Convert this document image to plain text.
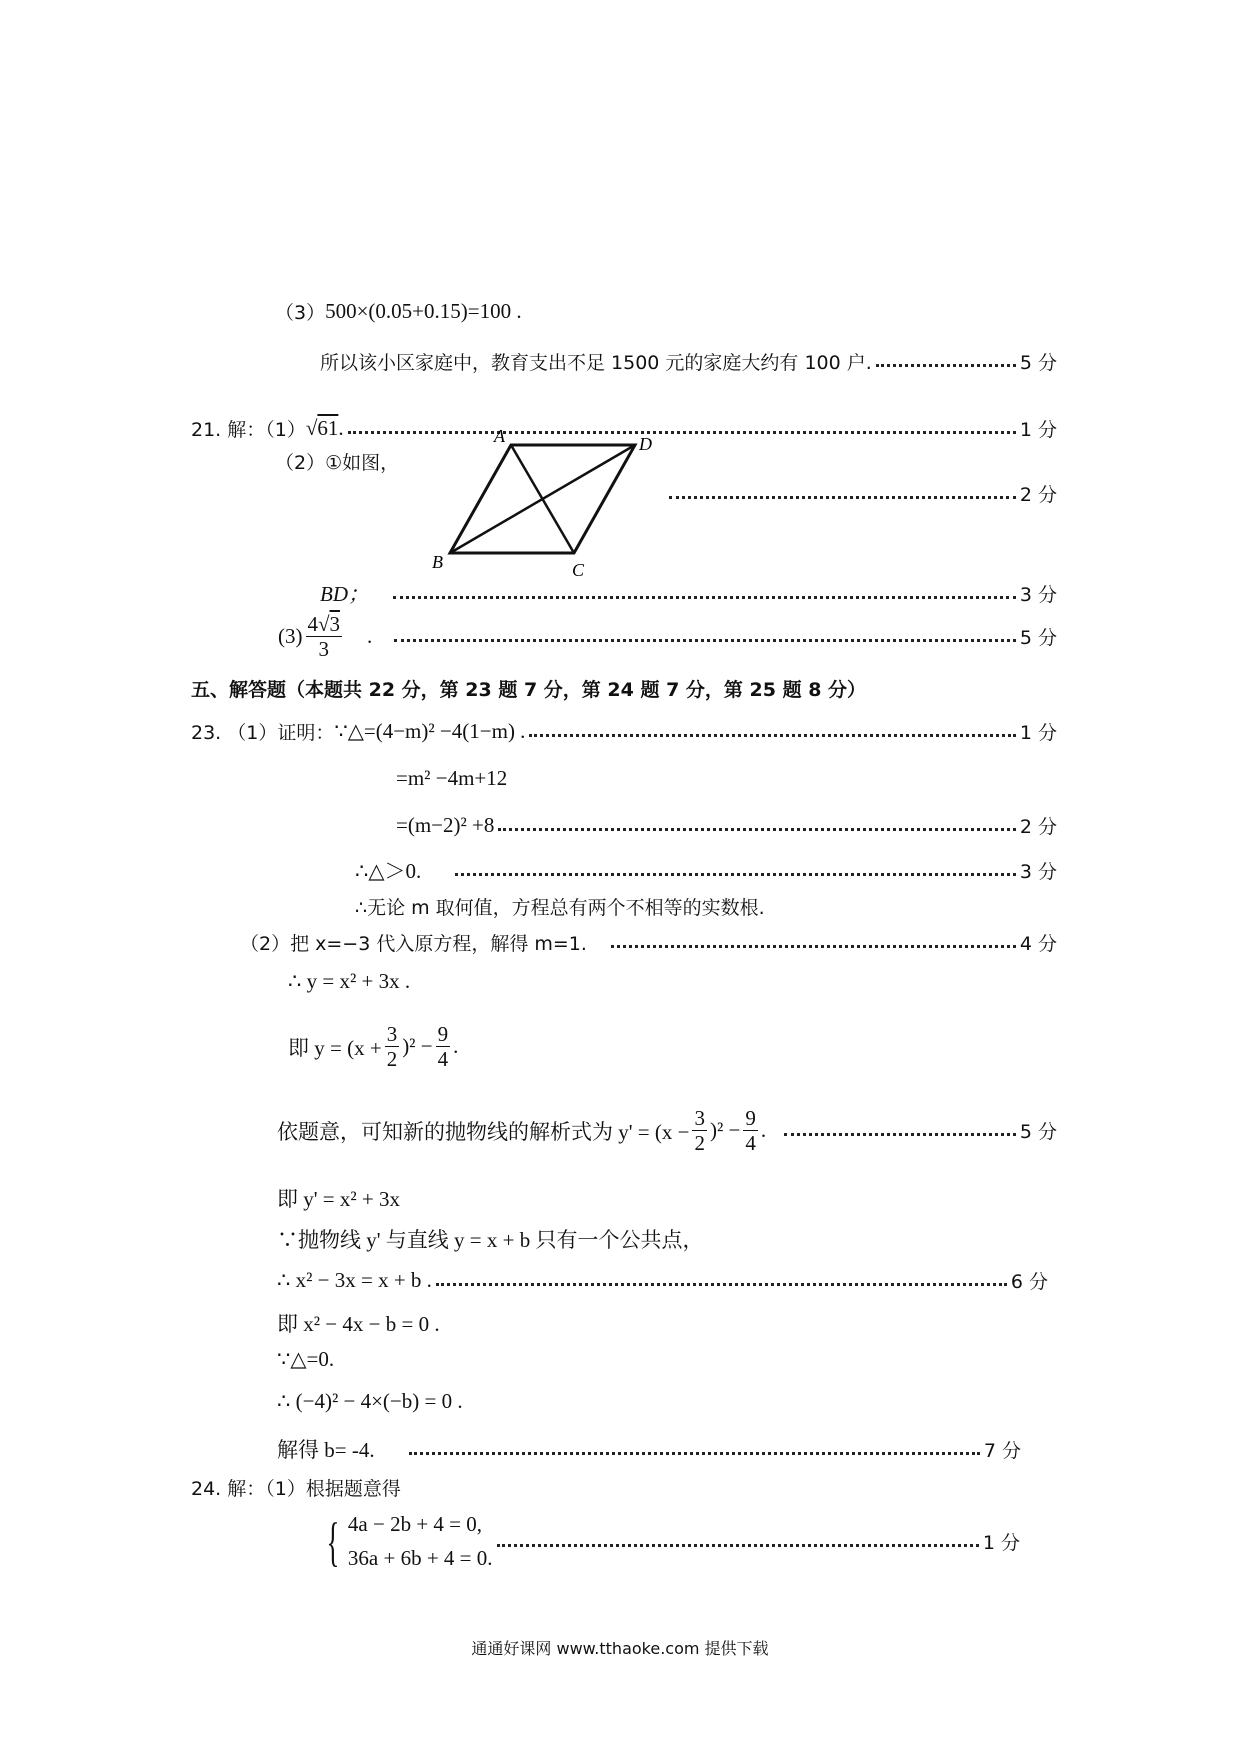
（3） 500×(0.05+0.15)=100 .
所以该小区家庭中，教育支出不足 1500 元的家庭大约有 100 户.	5 分
21. 解：（1） √61.	1 分
（2）①如图，
A	D
B	C
2 分
BD；	3 分
$(3) \frac{4√3}{3}$ .	5 分
五、解答题（本题共 22 分，第 23 题 7 分，第 24 题 7 分，第 25 题 8 分）
23. （1）证明： ∵△=(4−m)² −4(1−m) .	1 分
=m² −4m+12
=(m−2)² +8	2 分
∴△＞0.	3 分
∴无论 m 取何值，方程总有两个不相等的实数根.
（2）把 x=−3 代入原方程，解得 m=1.	4 分
∴ y = x² + 3x .
即 $y = (x + \frac{3}{2} )^2 - \frac{9}{4}$ .
依题意，可知新的抛物线的解析式为 $y' = (x - \frac{3}{2} )^2 - \frac{9}{4}$ .	5 分
即 y' = x² + 3x
∵抛物线 y' 与直线 y = x + b 只有一个公共点，
∴ x² − 3x = x + b .	6 分
即 x² − 4x − b = 0 .
∵△=0.
∴ (−4)² − 4×(−b) = 0 .
解得 b= -4.	7 分
24. 解：（1）根据题意得
{ 4a − 2b + 4 = 0,
36a + 6b + 4 = 0.
1 分
通通好课网 www.tthaoke.com 提供下载
